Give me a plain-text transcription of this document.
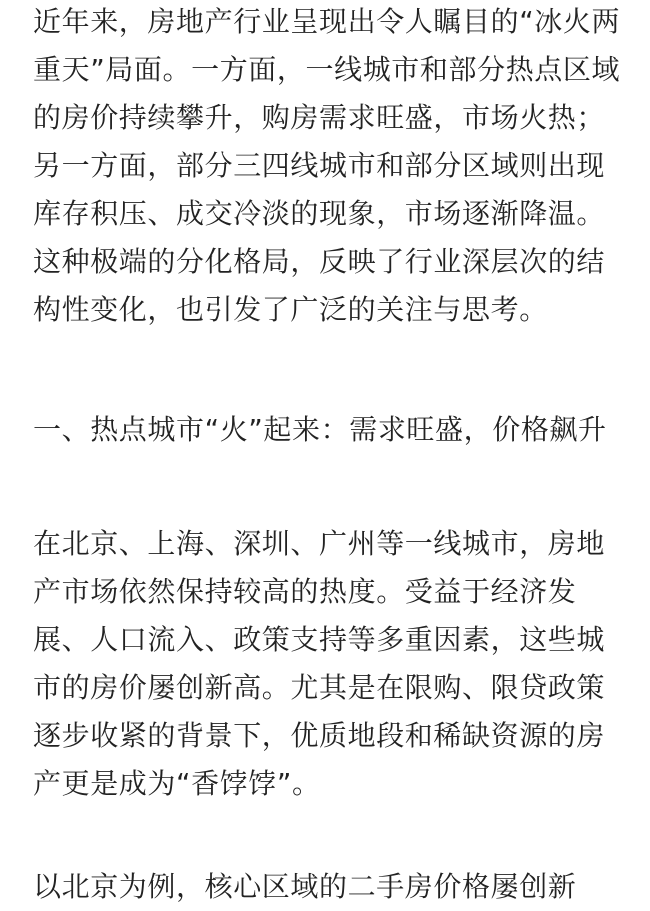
近年来，房地产行业呈现出令人瞩目的“冰火两
重天”局面。一方面，一线城市和部分热点区域
的房价持续攀升，购房需求旺盛，市场火热；
另一方面，部分三四线城市和部分区域则出现
库存积压、成交冷淡的现象，市场逐渐降温。
这种极端的分化格局，反映了行业深层次的结
构性变化，也引发了广泛的关注与思考。

一、热点城市“火”起来：需求旺盛，价格飙升

在北京、上海、深圳、广州等一线城市，房地
产市场依然保持较高的热度。受益于经济发
展、人口流入、政策支持等多重因素，这些城
市的房价屡创新高。尤其是在限购、限贷政策
逐步收紧的背景下，优质地段和稀缺资源的房
产更是成为“香饽饽”。

以北京为例，核心区域的二手房价格屡创新
